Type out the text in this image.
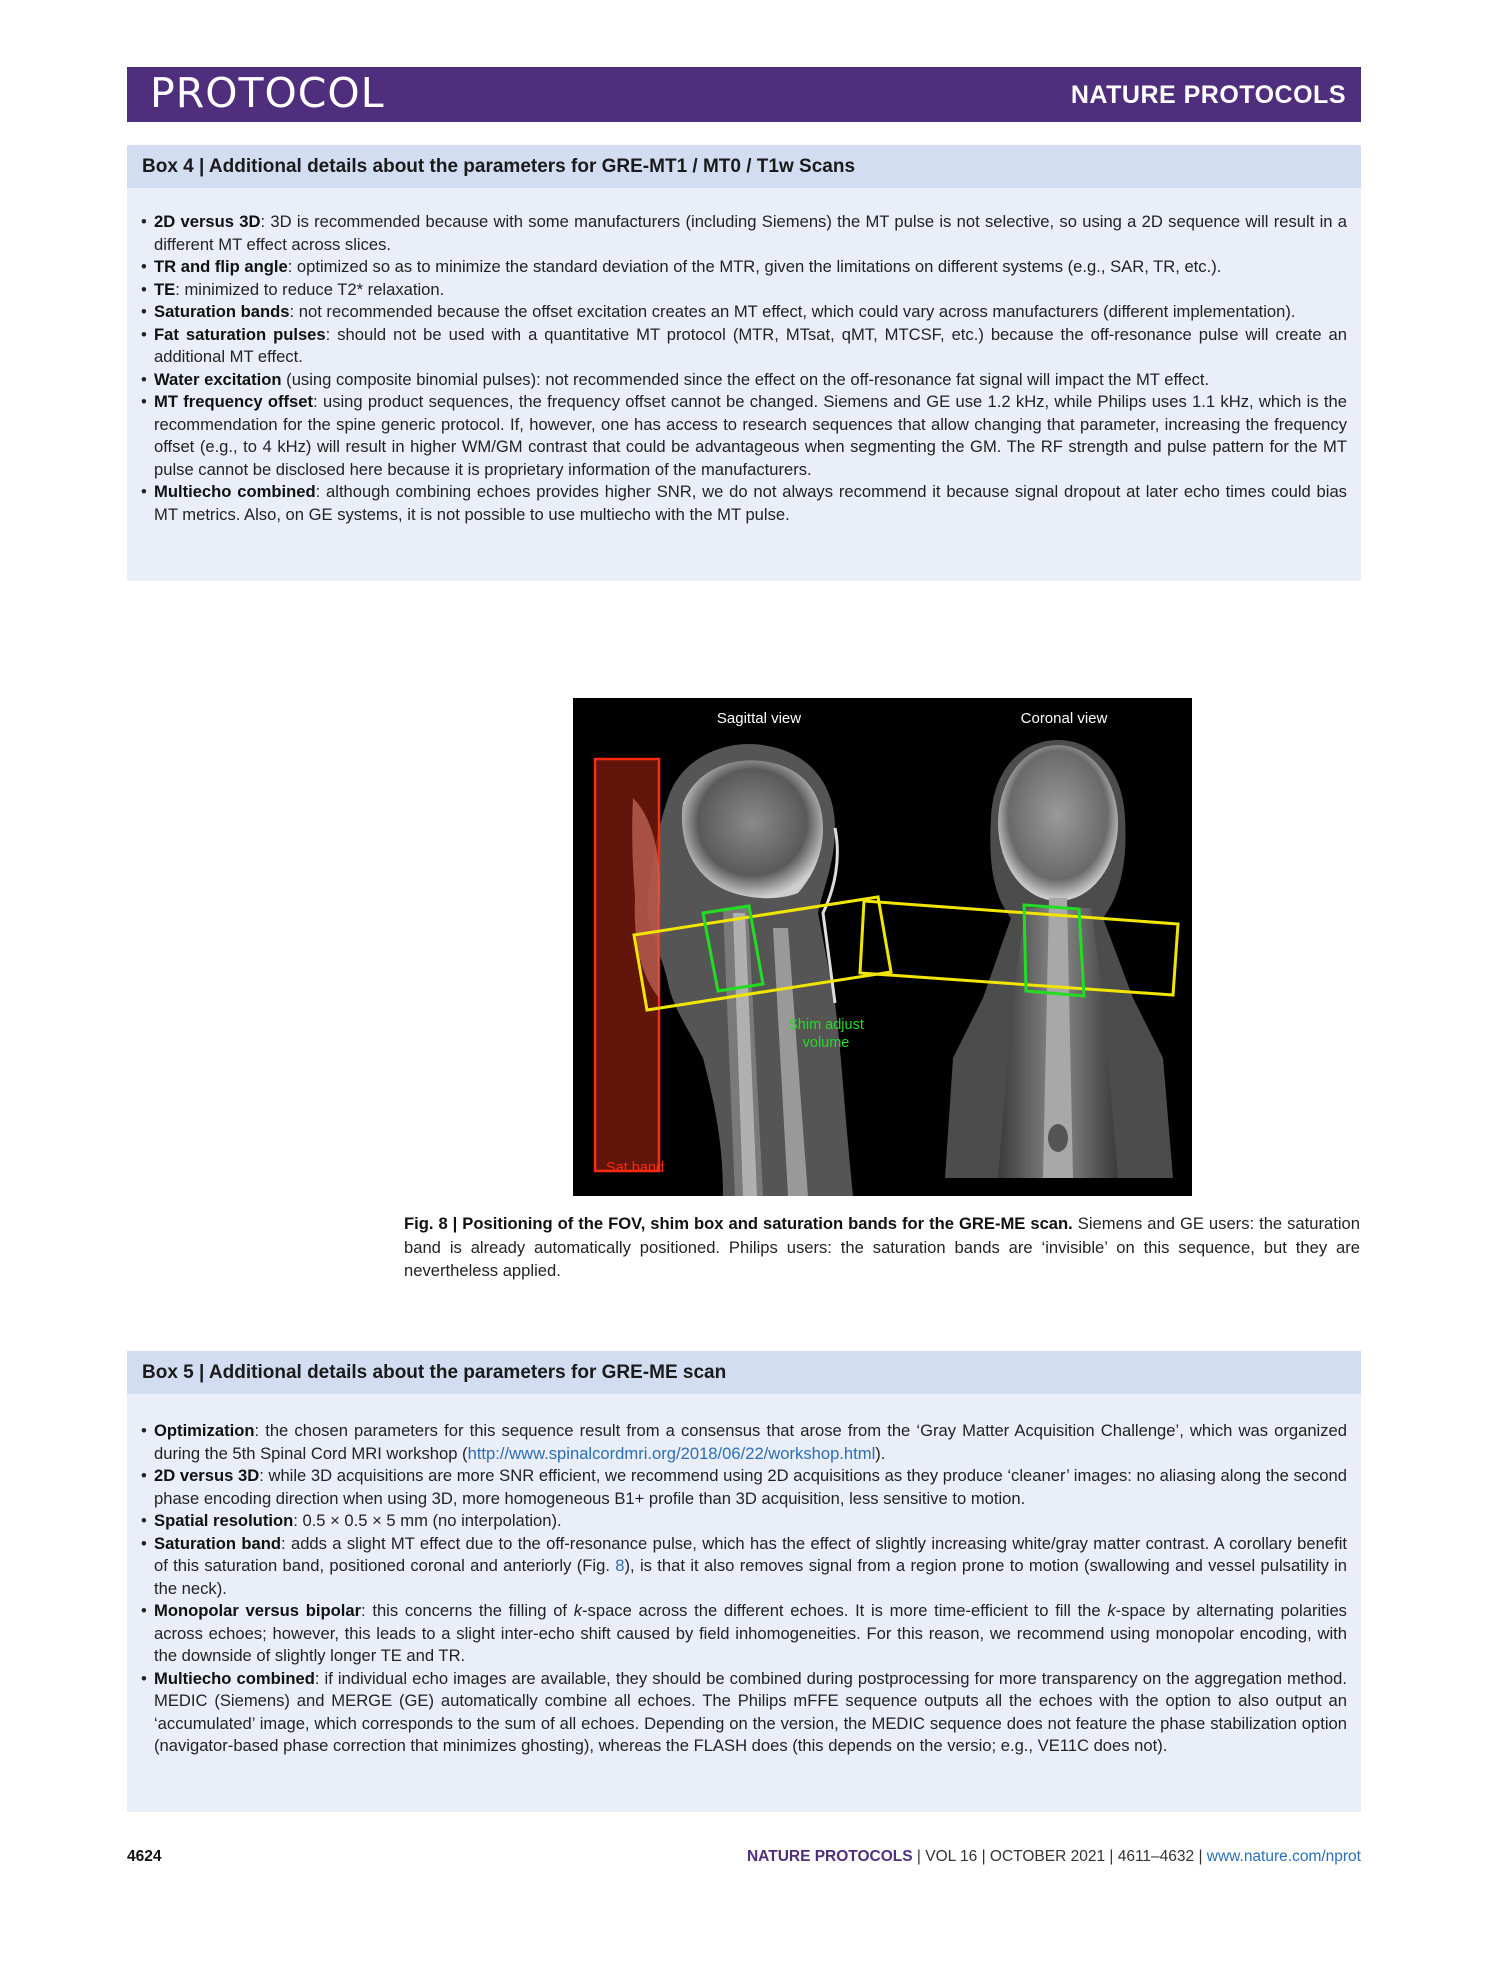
PROTOCOL	NATURE PROTOCOLS
Box 4 | Additional details about the parameters for GRE-MT1 / MT0 / T1w Scans
• 2D versus 3D: 3D is recommended because with some manufacturers (including Siemens) the MT pulse is not selective, so using a 2D sequence will result in a different MT effect across slices.
• TR and flip angle: optimized so as to minimize the standard deviation of the MTR, given the limitations on different systems (e.g., SAR, TR, etc.).
• TE: minimized to reduce T2* relaxation.
• Saturation bands: not recommended because the offset excitation creates an MT effect, which could vary across manufacturers (different implementation).
• Fat saturation pulses: should not be used with a quantitative MT protocol (MTR, MTsat, qMT, MTCSF, etc.) because the off-resonance pulse will create an additional MT effect.
• Water excitation (using composite binomial pulses): not recommended since the effect on the off-resonance fat signal will impact the MT effect.
• MT frequency offset: using product sequences, the frequency offset cannot be changed. Siemens and GE use 1.2 kHz, while Philips uses 1.1 kHz, which is the recommendation for the spine generic protocol. If, however, one has access to research sequences that allow changing that parameter, increasing the frequency offset (e.g., to 4 kHz) will result in higher WM/GM contrast that could be advantageous when segmenting the GM. The RF strength and pulse pattern for the MT pulse cannot be disclosed here because it is proprietary information of the manufacturers.
• Multiecho combined: although combining echoes provides higher SNR, we do not always recommend it because signal dropout at later echo times could bias MT metrics. Also, on GE systems, it is not possible to use multiecho with the MT pulse.
Sagittal view	Coronal view
Shim adjust
volume
Sat band
Fig. 8 | Positioning of the FOV, shim box and saturation bands for the GRE-ME scan. Siemens and GE users: the saturation band is already automatically positioned. Philips users: the saturation bands are ‘invisible’ on this sequence, but they are nevertheless applied.
Box 5 | Additional details about the parameters for GRE-ME scan
• Optimization: the chosen parameters for this sequence result from a consensus that arose from the ‘Gray Matter Acquisition Challenge’, which was organized during the 5th Spinal Cord MRI workshop (http://www.spinalcordmri.org/2018/06/22/workshop.html).
• 2D versus 3D: while 3D acquisitions are more SNR efficient, we recommend using 2D acquisitions as they produce ‘cleaner’ images: no aliasing along the second phase encoding direction when using 3D, more homogeneous B1+ profile than 3D acquisition, less sensitive to motion.
• Spatial resolution: 0.5 × 0.5 × 5 mm (no interpolation).
• Saturation band: adds a slight MT effect due to the off-resonance pulse, which has the effect of slightly increasing white/gray matter contrast. A corollary benefit of this saturation band, positioned coronal and anteriorly (Fig. 8), is that it also removes signal from a region prone to motion (swallowing and vessel pulsatility in the neck).
• Monopolar versus bipolar: this concerns the filling of k-space across the different echoes. It is more time-efficient to fill the k-space by alternating polarities across echoes; however, this leads to a slight inter-echo shift caused by field inhomogeneities. For this reason, we recommend using monopolar encoding, with the downside of slightly longer TE and TR.
• Multiecho combined: if individual echo images are available, they should be combined during postprocessing for more transparency on the aggregation method. MEDIC (Siemens) and MERGE (GE) automatically combine all echoes. The Philips mFFE sequence outputs all the echoes with the option to also output an ‘accumulated’ image, which corresponds to the sum of all echoes. Depending on the version, the MEDIC sequence does not feature the phase stabilization option (navigator-based phase correction that minimizes ghosting), whereas the FLASH does (this depends on the versio; e.g., VE11C does not).
4624	NATURE PROTOCOLS | VOL 16 | OCTOBER 2021 | 4611–4632 | www.nature.com/nprot
